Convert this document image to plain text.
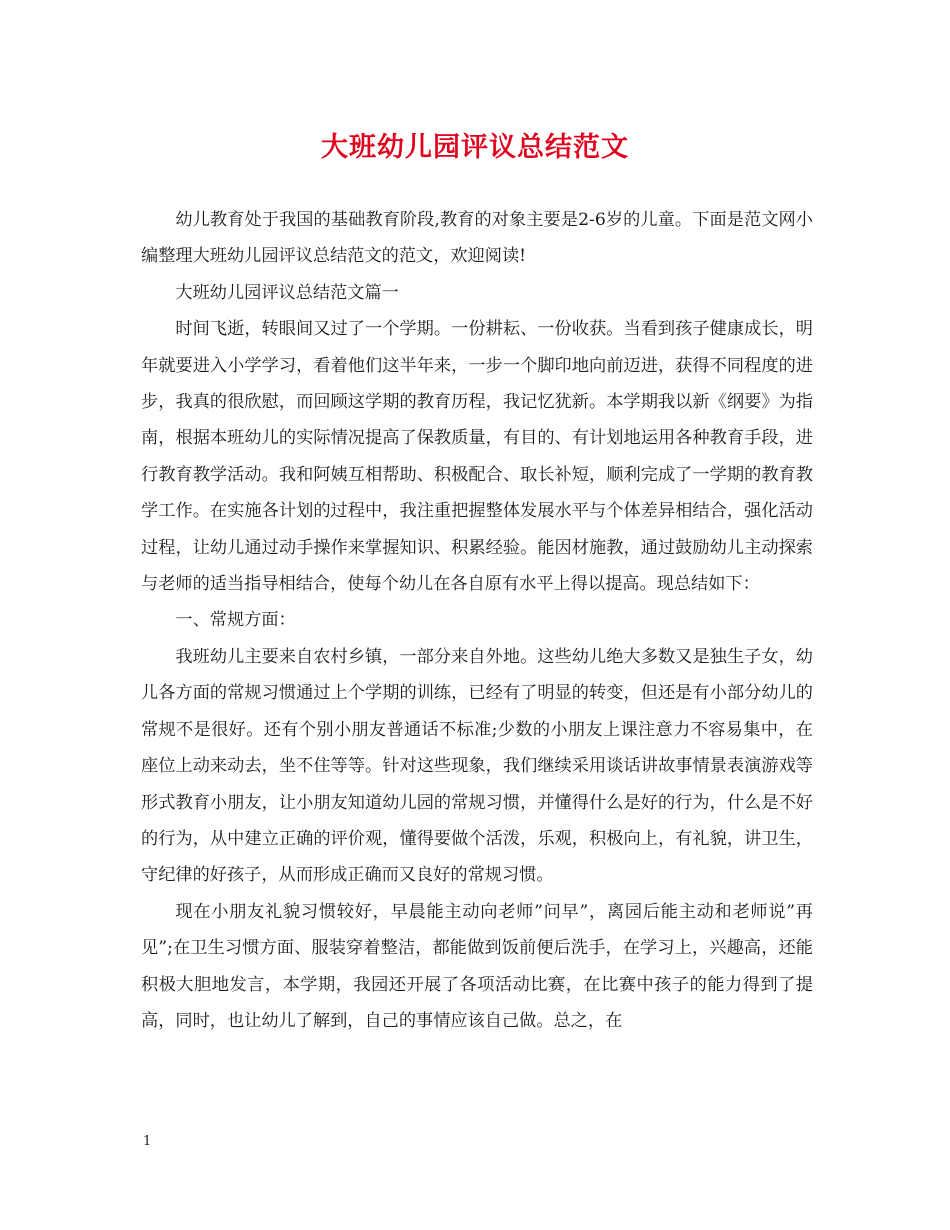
大班幼儿园评议总结范文

幼儿教育处于我国的基础教育阶段,教育的对象主要是2-6岁的儿童。下面是范文网小编整理大班幼儿园评议总结范文的范文，欢迎阅读!

大班幼儿园评议总结范文篇一

时间飞逝，转眼间又过了一个学期。一份耕耘、一份收获。当看到孩子健康成长，明年就要进入小学学习，看着他们这半年来，一步一个脚印地向前迈进，获得不同程度的进步，我真的很欣慰，而回顾这学期的教育历程，我记忆犹新。本学期我以新《纲要》为指南，根据本班幼儿的实际情况提高了保教质量，有目的、有计划地运用各种教育手段，进行教育教学活动。我和阿姨互相帮助、积极配合、取长补短，顺利完成了一学期的教育教学工作。在实施各计划的过程中，我注重把握整体发展水平与个体差异相结合，强化活动过程，让幼儿通过动手操作来掌握知识、积累经验。能因材施教，通过鼓励幼儿主动探索与老师的适当指导相结合，使每个幼儿在各自原有水平上得以提高。现总结如下：

一、常规方面：

我班幼儿主要来自农村乡镇，一部分来自外地。这些幼儿绝大多数又是独生子女，幼儿各方面的常规习惯通过上个学期的训练，已经有了明显的转变，但还是有小部分幼儿的常规不是很好。还有个别小朋友普通话不标准;少数的小朋友上课注意力不容易集中，在座位上动来动去，坐不住等等。针对这些现象，我们继续采用谈话讲故事情景表演游戏等形式教育小朋友，让小朋友知道幼儿园的常规习惯，并懂得什么是好的行为，什么是不好的行为，从中建立正确的评价观，懂得要做个活泼，乐观，积极向上，有礼貌，讲卫生，守纪律的好孩子，从而形成正确而又良好的常规习惯。

现在小朋友礼貌习惯较好，早晨能主动向老师”问早”，离园后能主动和老师说”再见”;在卫生习惯方面、服装穿着整洁，都能做到饭前便后洗手，在学习上，兴趣高，还能积极大胆地发言，本学期，我园还开展了各项活动比赛，在比赛中孩子的能力得到了提高，同时，也让幼儿了解到，自己的事情应该自己做。总之，在

1
